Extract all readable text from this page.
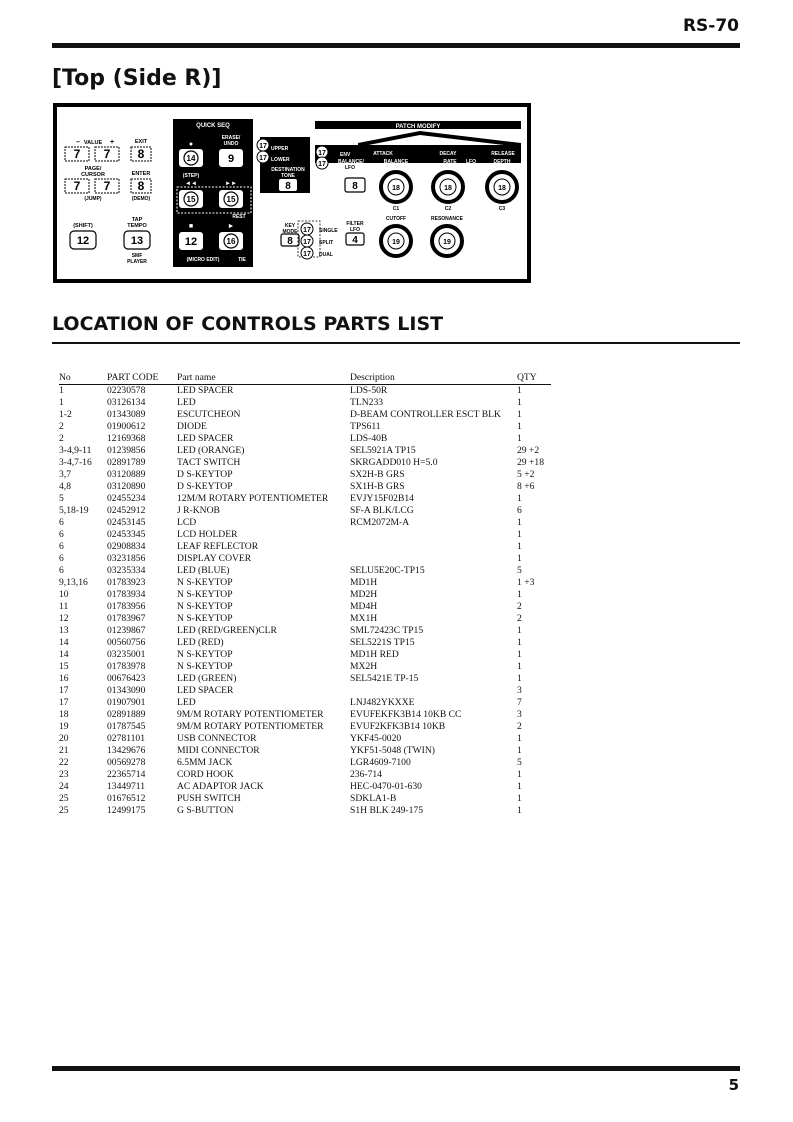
RS-70
[Top (Side R)]
VALUE
–	+
7 7
PAGE/
CURSOR
7 7
(JUMP)
EXIT
8
ENTER
8
(DEMO)
(SHIFT)
12
TAP
TEMPO
13
SMF
PLAYER
QUICK SEQ
●
ERASE/
UNDO
14	9
(STEP)
◄◄	►►
15	15
REST
■	►
12	16
(MICRO EDIT)	TIE
17 UPPER
17 LOWER
DESTINATION
TONE
8
PATCH MODIFY
17	ENV	ATTACK	DECAY	RELEASE
17 BALANCE/
LFO
BALANCE	RATE LFO	DEPTH
8	18
C1
18
C2
18
C3
KEY
MODE
8
17 SINGLE
17 SPLIT
17 DUAL
FILTER
LFO
4
CUTOFF
19
RESONANCE
19
LOCATION OF CONTROLS PARTS LIST
No	PART CODE	Part name	Description	QTY
1	02230578	LED SPACER	LDS-50R	1
1	03126134	LED	TLN233	1
1-2	01343089	ESCUTCHEON	D-BEAM CONTROLLER ESCT BLK	1
2	01900612	DIODE	TPS611	1
2	12169368	LED SPACER	LDS-40B	1
3-4,9-11	01239856	LED (ORANGE)	SEL5921A TP15	29 +2
3-4,7-16	02891789	TACT SWITCH	SKRGADD010 H=5.0	29 +18
3,7	03120889	D S-KEYTOP	SX2H-B GRS	5 +2
4,8	03120890	D S-KEYTOP	SX1H-B GRS	8 +6
5	02455234	12M/M ROTARY POTENTIOMETER	EVJY15F02B14	1
5,18-19	02452912	J R-KNOB	SF-A BLK/LCG	6
6	02453145	LCD	RCM2072M-A	1
6	02453345	LCD HOLDER		1
6	02908834	LEAF REFLECTOR		1
6	03231856	DISPLAY COVER		1
6	03235334	LED (BLUE)	SELU5E20C-TP15	5
9,13,16	01783923	N S-KEYTOP	MD1H	1 +3
10	01783934	N S-KEYTOP	MD2H	1
11	01783956	N S-KEYTOP	MD4H	2
12	01783967	N S-KEYTOP	MX1H	2
13	01239867	LED (RED/GREEN)CLR	SML72423C TP15	1
14	00560756	LED (RED)	SEL5221S TP15	1
14	03235001	N S-KEYTOP	MD1H RED	1
15	01783978	N S-KEYTOP	MX2H	1
16	00676423	LED (GREEN)	SEL5421E TP-15	1
17	01343090	LED SPACER		3
17	01907901	LED	LNJ482YKXXE	7
18	02891889	9M/M ROTARY POTENTIOMETER	EVUFEKFK3B14 10KB CC	3
19	01787545	9M/M ROTARY POTENTIOMETER	EVUF2KFK3B14 10KB	2
20	02781101	USB CONNECTOR	YKF45-0020	1
21	13429676	MIDI CONNECTOR	YKF51-5048 (TWIN)	1
22	00569278	6.5MM JACK	LGR4609-7100	5
23	22365714	CORD HOOK	236-714	1
24	13449711	AC ADAPTOR JACK	HEC-0470-01-630	1
25	01676512	PUSH SWITCH	SDKLA1-B	1
25	12499175	G S-BUTTON	S1H BLK 249-175	1
5
